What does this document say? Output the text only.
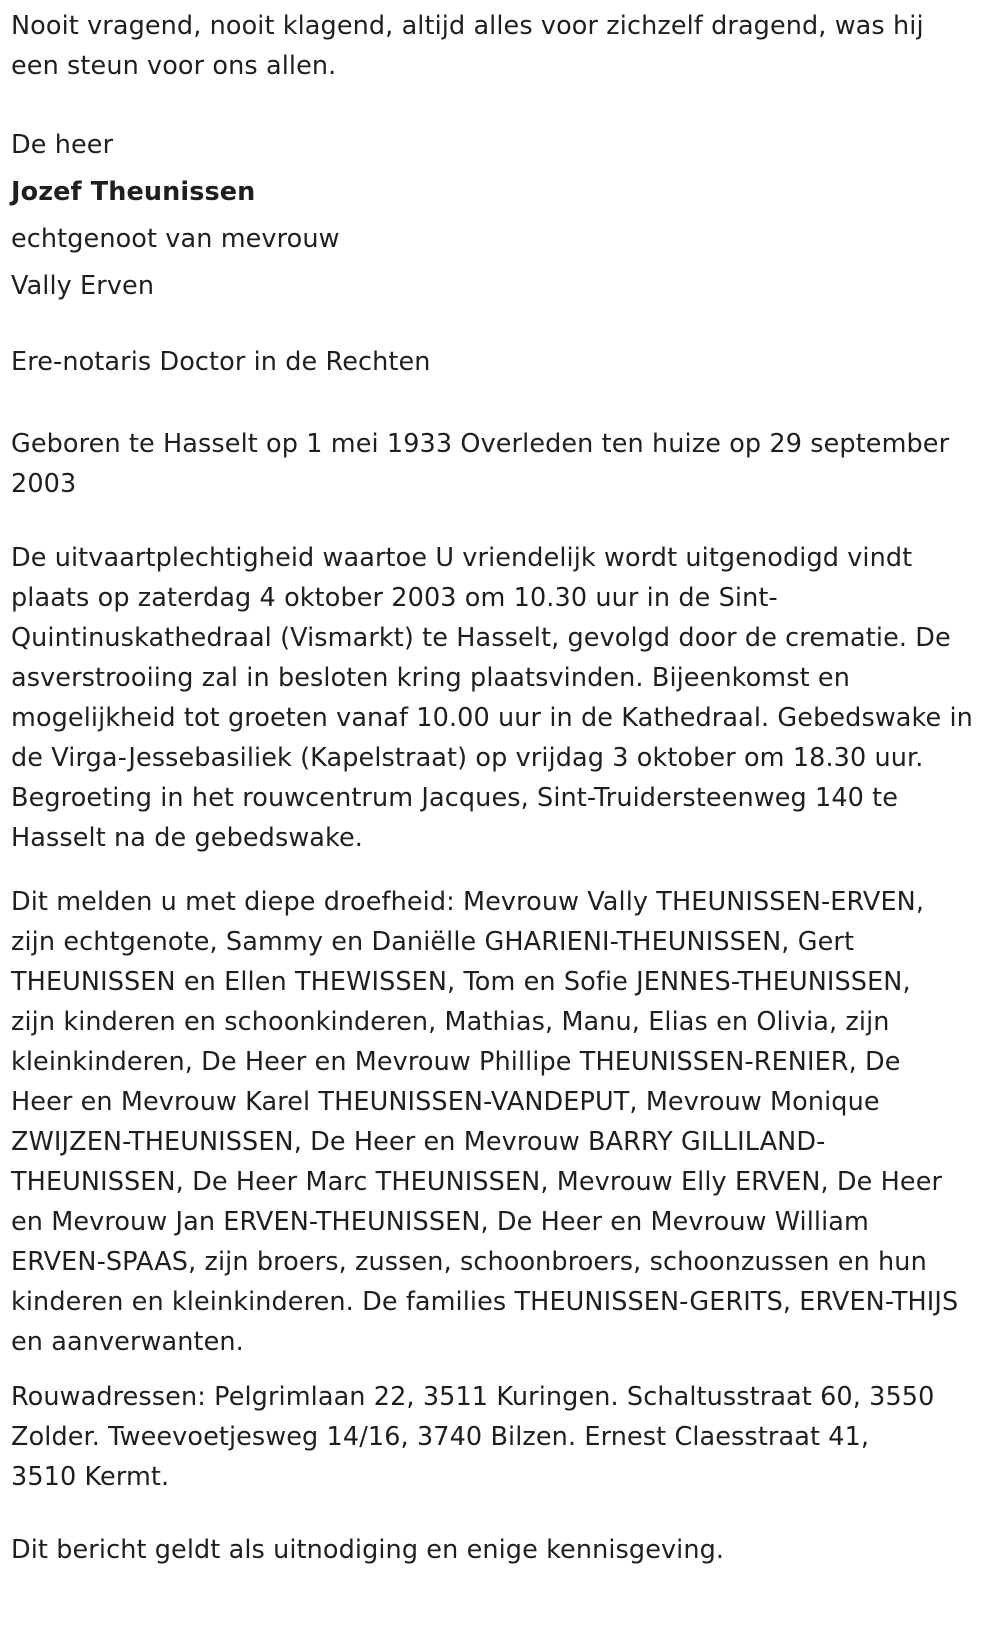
Nooit vragend, nooit klagend, altijd alles voor zichzelf dragend, was hij een steun voor ons allen.

De heer

Jozef Theunissen

echtgenoot van mevrouw

Vally Erven

Ere-notaris Doctor in de Rechten

Geboren te Hasselt op 1 mei 1933 Overleden ten huize op 29 september 2003

De uitvaartplechtigheid waartoe U vriendelijk wordt uitgenodigd vindt plaats op zaterdag 4 oktober 2003 om 10.30 uur in de Sint-Quintinuskathedraal (Vismarkt) te Hasselt, gevolgd door de crematie. De asverstrooiing zal in besloten kring plaatsvinden. Bijeenkomst en mogelijkheid tot groeten vanaf 10.00 uur in de Kathedraal. Gebedswake in de Virga-Jessebasiliek (Kapelstraat) op vrijdag 3 oktober om 18.30 uur. Begroeting in het rouwcentrum Jacques, Sint-Truidersteenweg 140 te Hasselt na de gebedswake.

Dit melden u met diepe droefheid: Mevrouw Vally THEUNISSEN-ERVEN, zijn echtgenote, Sammy en Daniëlle GHARIENI-THEUNISSEN, Gert THEUNISSEN en Ellen THEWISSEN, Tom en Sofie JENNES-THEUNISSEN, zijn kinderen en schoonkinderen, Mathias, Manu, Elias en Olivia, zijn kleinkinderen, De Heer en Mevrouw Phillipe THEUNISSEN-RENIER, De Heer en Mevrouw Karel THEUNISSEN-VANDEPUT, Mevrouw Monique ZWIJZEN-THEUNISSEN, De Heer en Mevrouw BARRY GILLILAND-THEUNISSEN, De Heer Marc THEUNISSEN, Mevrouw Elly ERVEN, De Heer en Mevrouw Jan ERVEN-THEUNISSEN, De Heer en Mevrouw William ERVEN-SPAAS, zijn broers, zussen, schoonbroers, schoonzussen en hun kinderen en kleinkinderen. De families THEUNISSEN-GERITS, ERVEN-THIJS en aanverwanten.

Rouwadressen: Pelgrimlaan 22, 3511 Kuringen. Schaltusstraat 60, 3550 Zolder. Tweevoetjesweg 14/16, 3740 Bilzen. Ernest Claesstraat 41, 3510 Kermt.

Dit bericht geldt als uitnodiging en enige kennisgeving.
